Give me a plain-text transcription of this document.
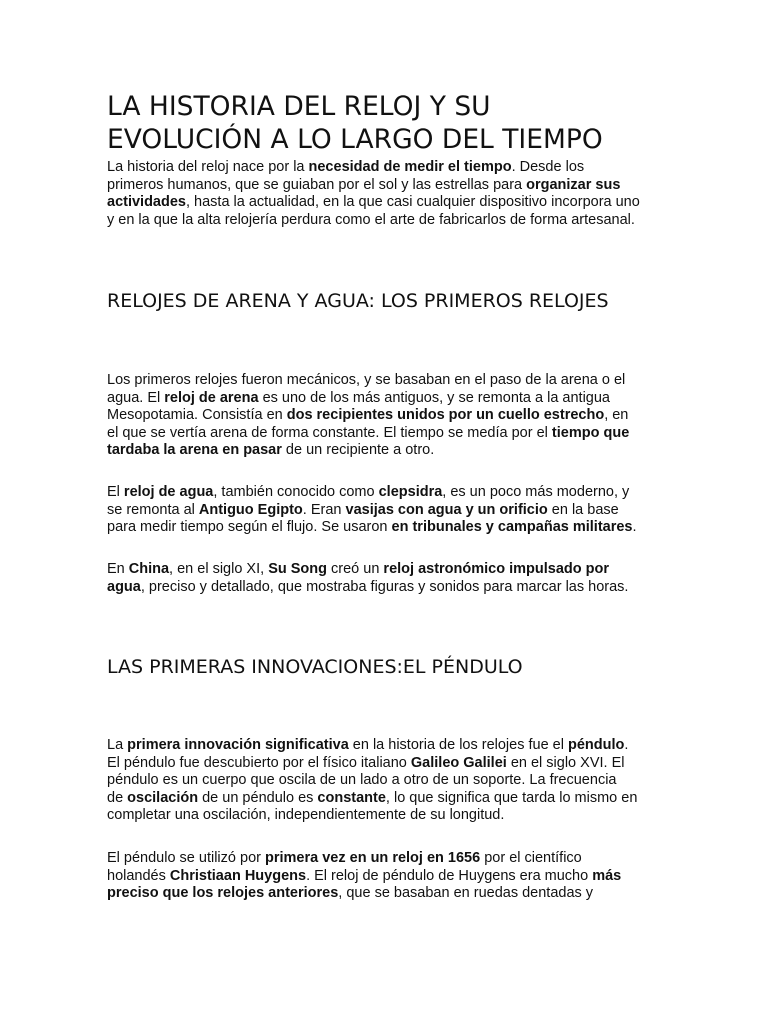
LA HISTORIA DEL RELOJ Y SU
EVOLUCIÓN A LO LARGO DEL TIEMPO

La historia del reloj nace por la necesidad de medir el tiempo. Desde los
primeros humanos, que se guiaban por el sol y las estrellas para organizar sus
actividades, hasta la actualidad, en la que casi cualquier dispositivo incorpora uno
y en la que la alta relojería perdura como el arte de fabricarlos de forma artesanal.

RELOJES DE ARENA Y AGUA: LOS PRIMEROS RELOJES

Los primeros relojes fueron mecánicos, y se basaban en el paso de la arena o el
agua. El reloj de arena es uno de los más antiguos, y se remonta a la antigua
Mesopotamia. Consistía en dos recipientes unidos por un cuello estrecho, en
el que se vertía arena de forma constante. El tiempo se medía por el tiempo que
tardaba la arena en pasar de un recipiente a otro.

El reloj de agua, también conocido como clepsidra, es un poco más moderno, y
se remonta al Antiguo Egipto. Eran vasijas con agua y un orificio en la base
para medir tiempo según el flujo. Se usaron en tribunales y campañas militares.

En China, en el siglo XI, Su Song creó un reloj astronómico impulsado por
agua, preciso y detallado, que mostraba figuras y sonidos para marcar las horas.

LAS PRIMERAS INNOVACIONES:EL PÉNDULO

La primera innovación significativa en la historia de los relojes fue el péndulo.
El péndulo fue descubierto por el físico italiano Galileo Galilei en el siglo XVI. El
péndulo es un cuerpo que oscila de un lado a otro de un soporte. La frecuencia
de oscilación de un péndulo es constante, lo que significa que tarda lo mismo en
completar una oscilación, independientemente de su longitud.

El péndulo se utilizó por primera vez en un reloj en 1656 por el científico
holandés Christiaan Huygens. El reloj de péndulo de Huygens era mucho más
preciso que los relojes anteriores, que se basaban en ruedas dentadas y
